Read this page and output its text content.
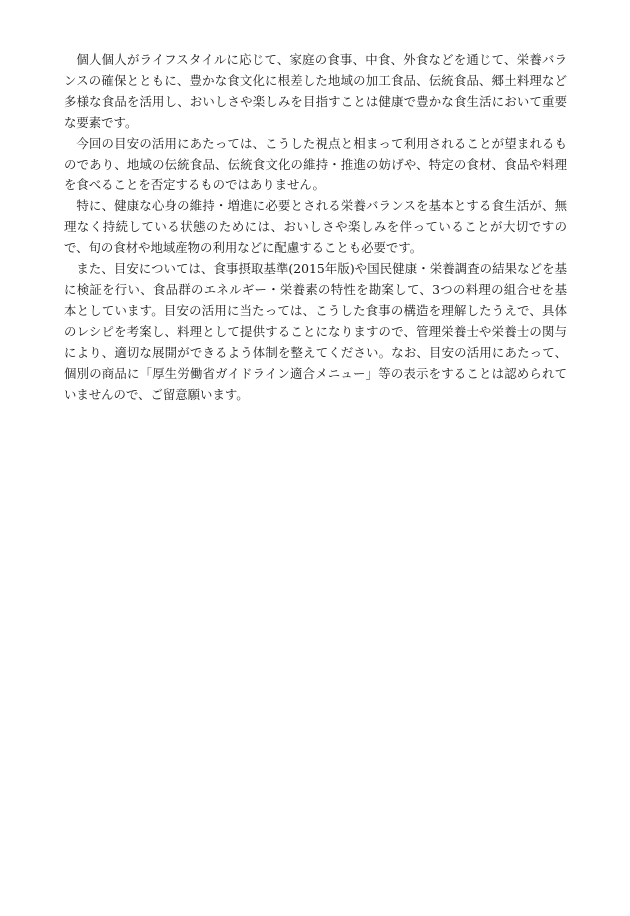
個人個人がライフスタイルに応じて、家庭の食事、中食、外食などを通じて、栄養バランスの確保とともに、豊かな食文化に根差した地域の加工食品、伝統食品、郷土料理など多様な食品を活用し、おいしさや楽しみを目指すことは健康で豊かな食生活において重要な要素です。

今回の目安の活用にあたっては、こうした視点と相まって利用されることが望まれるものであり、地域の伝統食品、伝統食文化の維持・推進の妨げや、特定の食材、食品や料理を食べることを否定するものではありません。

特に、健康な心身の維持・増進に必要とされる栄養バランスを基本とする食生活が、無理なく持続している状態のためには、おいしさや楽しみを伴っていることが大切ですので、旬の食材や地域産物の利用などに配慮することも必要です。

また、目安については、食事摂取基準(2015年版)や国民健康・栄養調査の結果などを基に検証を行い、食品群のエネルギー・栄養素の特性を勘案して、3つの料理の組合せを基本としています。目安の活用に当たっては、こうした食事の構造を理解したうえで、具体のレシピを考案し、料理として提供することになりますので、管理栄養士や栄養士の関与により、適切な展開ができるよう体制を整えてください。なお、目安の活用にあたって、個別の商品に「厚生労働省ガイドライン適合メニュー」等の表示をすることは認められていませんので、ご留意願います。
